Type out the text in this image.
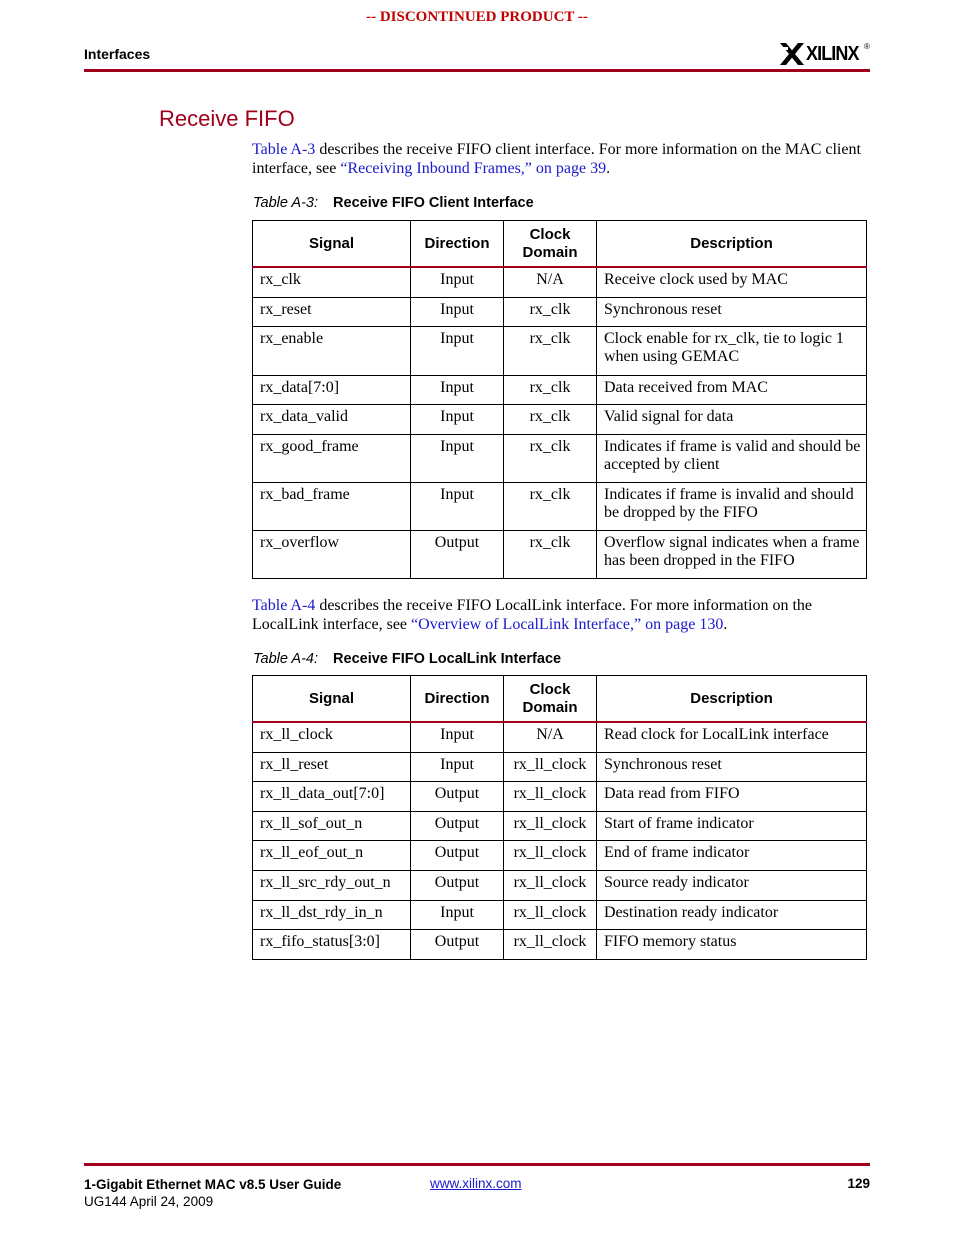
-- DISCONTINUED PRODUCT --
Interfaces	XILINX ®
Receive FIFO

Table A-3 describes the receive FIFO client interface. For more information on the MAC client interface, see “Receiving Inbound Frames,” on page 39.

Table A-3: Receive FIFO Client Interface
Signal	Direction	Clock Domain	Description
rx_clk	Input	N/A	Receive clock used by MAC
rx_reset	Input	rx_clk	Synchronous reset
rx_enable	Input	rx_clk	Clock enable for rx_clk, tie to logic 1 when using GEMAC
rx_data[7:0]	Input	rx_clk	Data received from MAC
rx_data_valid	Input	rx_clk	Valid signal for data
rx_good_frame	Input	rx_clk	Indicates if frame is valid and should be accepted by client
rx_bad_frame	Input	rx_clk	Indicates if frame is invalid and should be dropped by the FIFO
rx_overflow	Output	rx_clk	Overflow signal indicates when a frame has been dropped in the FIFO

Table A-4 describes the receive FIFO LocalLink interface. For more information on the LocalLink interface, see “Overview of LocalLink Interface,” on page 130.

Table A-4: Receive FIFO LocalLink Interface
Signal	Direction	Clock Domain	Description
rx_ll_clock	Input	N/A	Read clock for LocalLink interface
rx_ll_reset	Input	rx_ll_clock	Synchronous reset
rx_ll_data_out[7:0]	Output	rx_ll_clock	Data read from FIFO
rx_ll_sof_out_n	Output	rx_ll_clock	Start of frame indicator
rx_ll_eof_out_n	Output	rx_ll_clock	End of frame indicator
rx_ll_src_rdy_out_n	Output	rx_ll_clock	Source ready indicator
rx_ll_dst_rdy_in_n	Input	rx_ll_clock	Destination ready indicator
rx_fifo_status[3:0]	Output	rx_ll_clock	FIFO memory status
1-Gigabit Ethernet MAC v8.5 User Guide
UG144 April 24, 2009
www.xilinx.com	129
